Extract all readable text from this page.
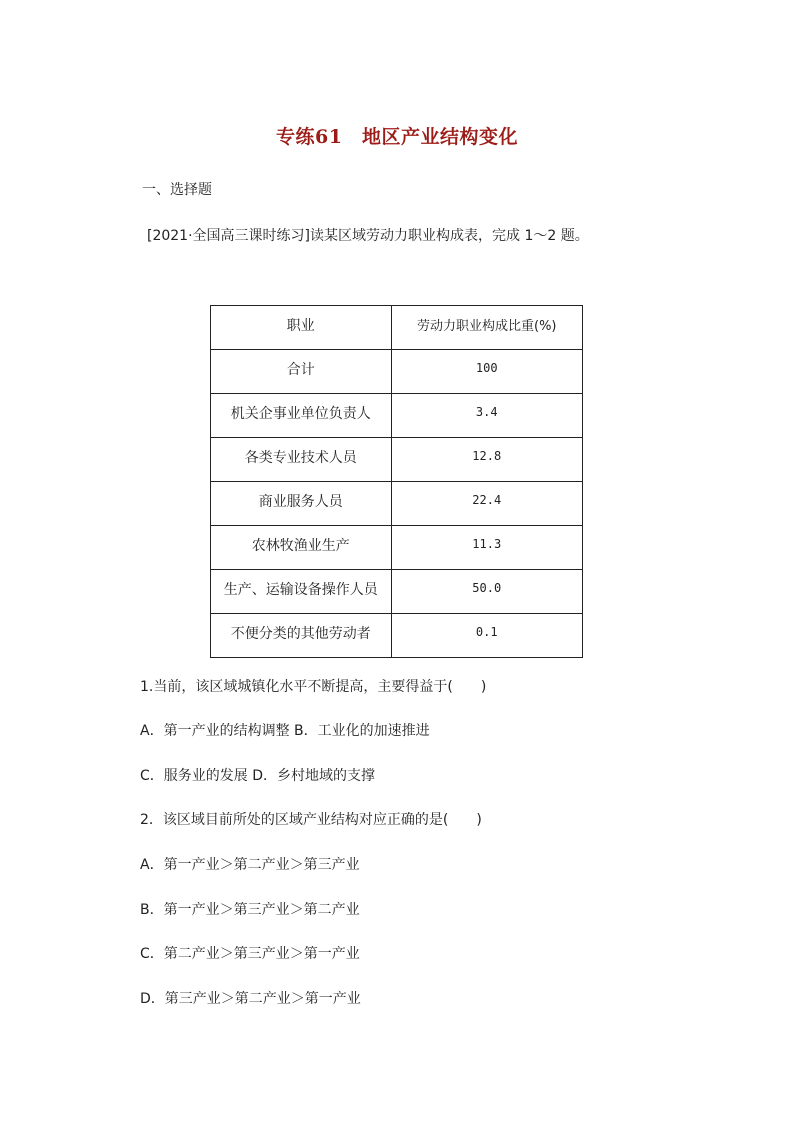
专练61　地区产业结构变化
一、选择题
[2021·全国高三课时练习]读某区域劳动力职业构成表，完成 1～2 题。
职业	劳动力职业构成比重(%)
合计	100
机关企事业单位负责人	3.4
各类专业技术人员	12.8
商业服务人员	22.4
农林牧渔业生产	11.3
生产、运输设备操作人员	50.0
不便分类的其他劳动者	0.1
1.当前，该区域城镇化水平不断提高，主要得益于(　　)
A．第一产业的结构调整 B．工业化的加速推进
C．服务业的发展 D．乡村地域的支撑
2．该区域目前所处的区域产业结构对应正确的是(　　)
A．第一产业＞第二产业＞第三产业
B．第一产业＞第三产业＞第二产业
C．第二产业＞第三产业＞第一产业
D．第三产业＞第二产业＞第一产业
